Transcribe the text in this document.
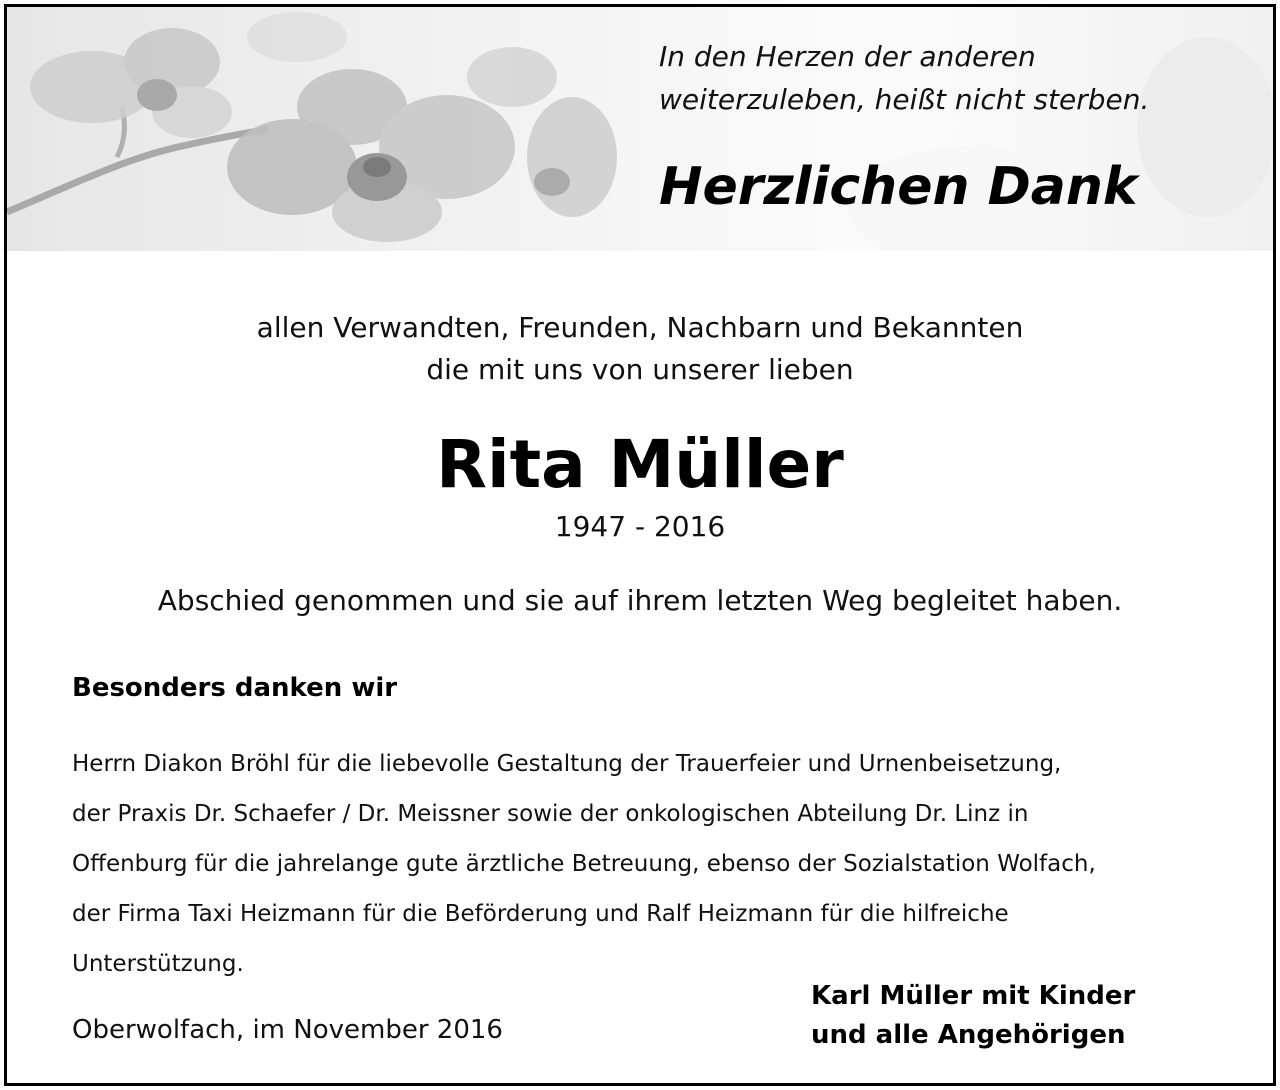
In den Herzen der anderen
weiterzuleben, heißt nicht sterben.
Herzlichen Dank
allen Verwandten, Freunden, Nachbarn und Bekannten
die mit uns von unserer lieben
Rita Müller
1947 - 2016
Abschied genommen und sie auf ihrem letzten Weg begleitet haben.
Besonders danken wir
Herrn Diakon Bröhl für die liebevolle Gestaltung der Trauerfeier und Urnenbeisetzung,
der Praxis Dr. Schaefer / Dr. Meissner sowie der onkologischen Abteilung Dr. Linz in
Offenburg für die jahrelange gute ärztliche Betreuung, ebenso der Sozialstation Wolfach,
der Firma Taxi Heizmann für die Beförderung und Ralf Heizmann für die hilfreiche
Unterstützung.
Oberwolfach, im November 2016
Karl Müller mit Kinder
und alle Angehörigen
